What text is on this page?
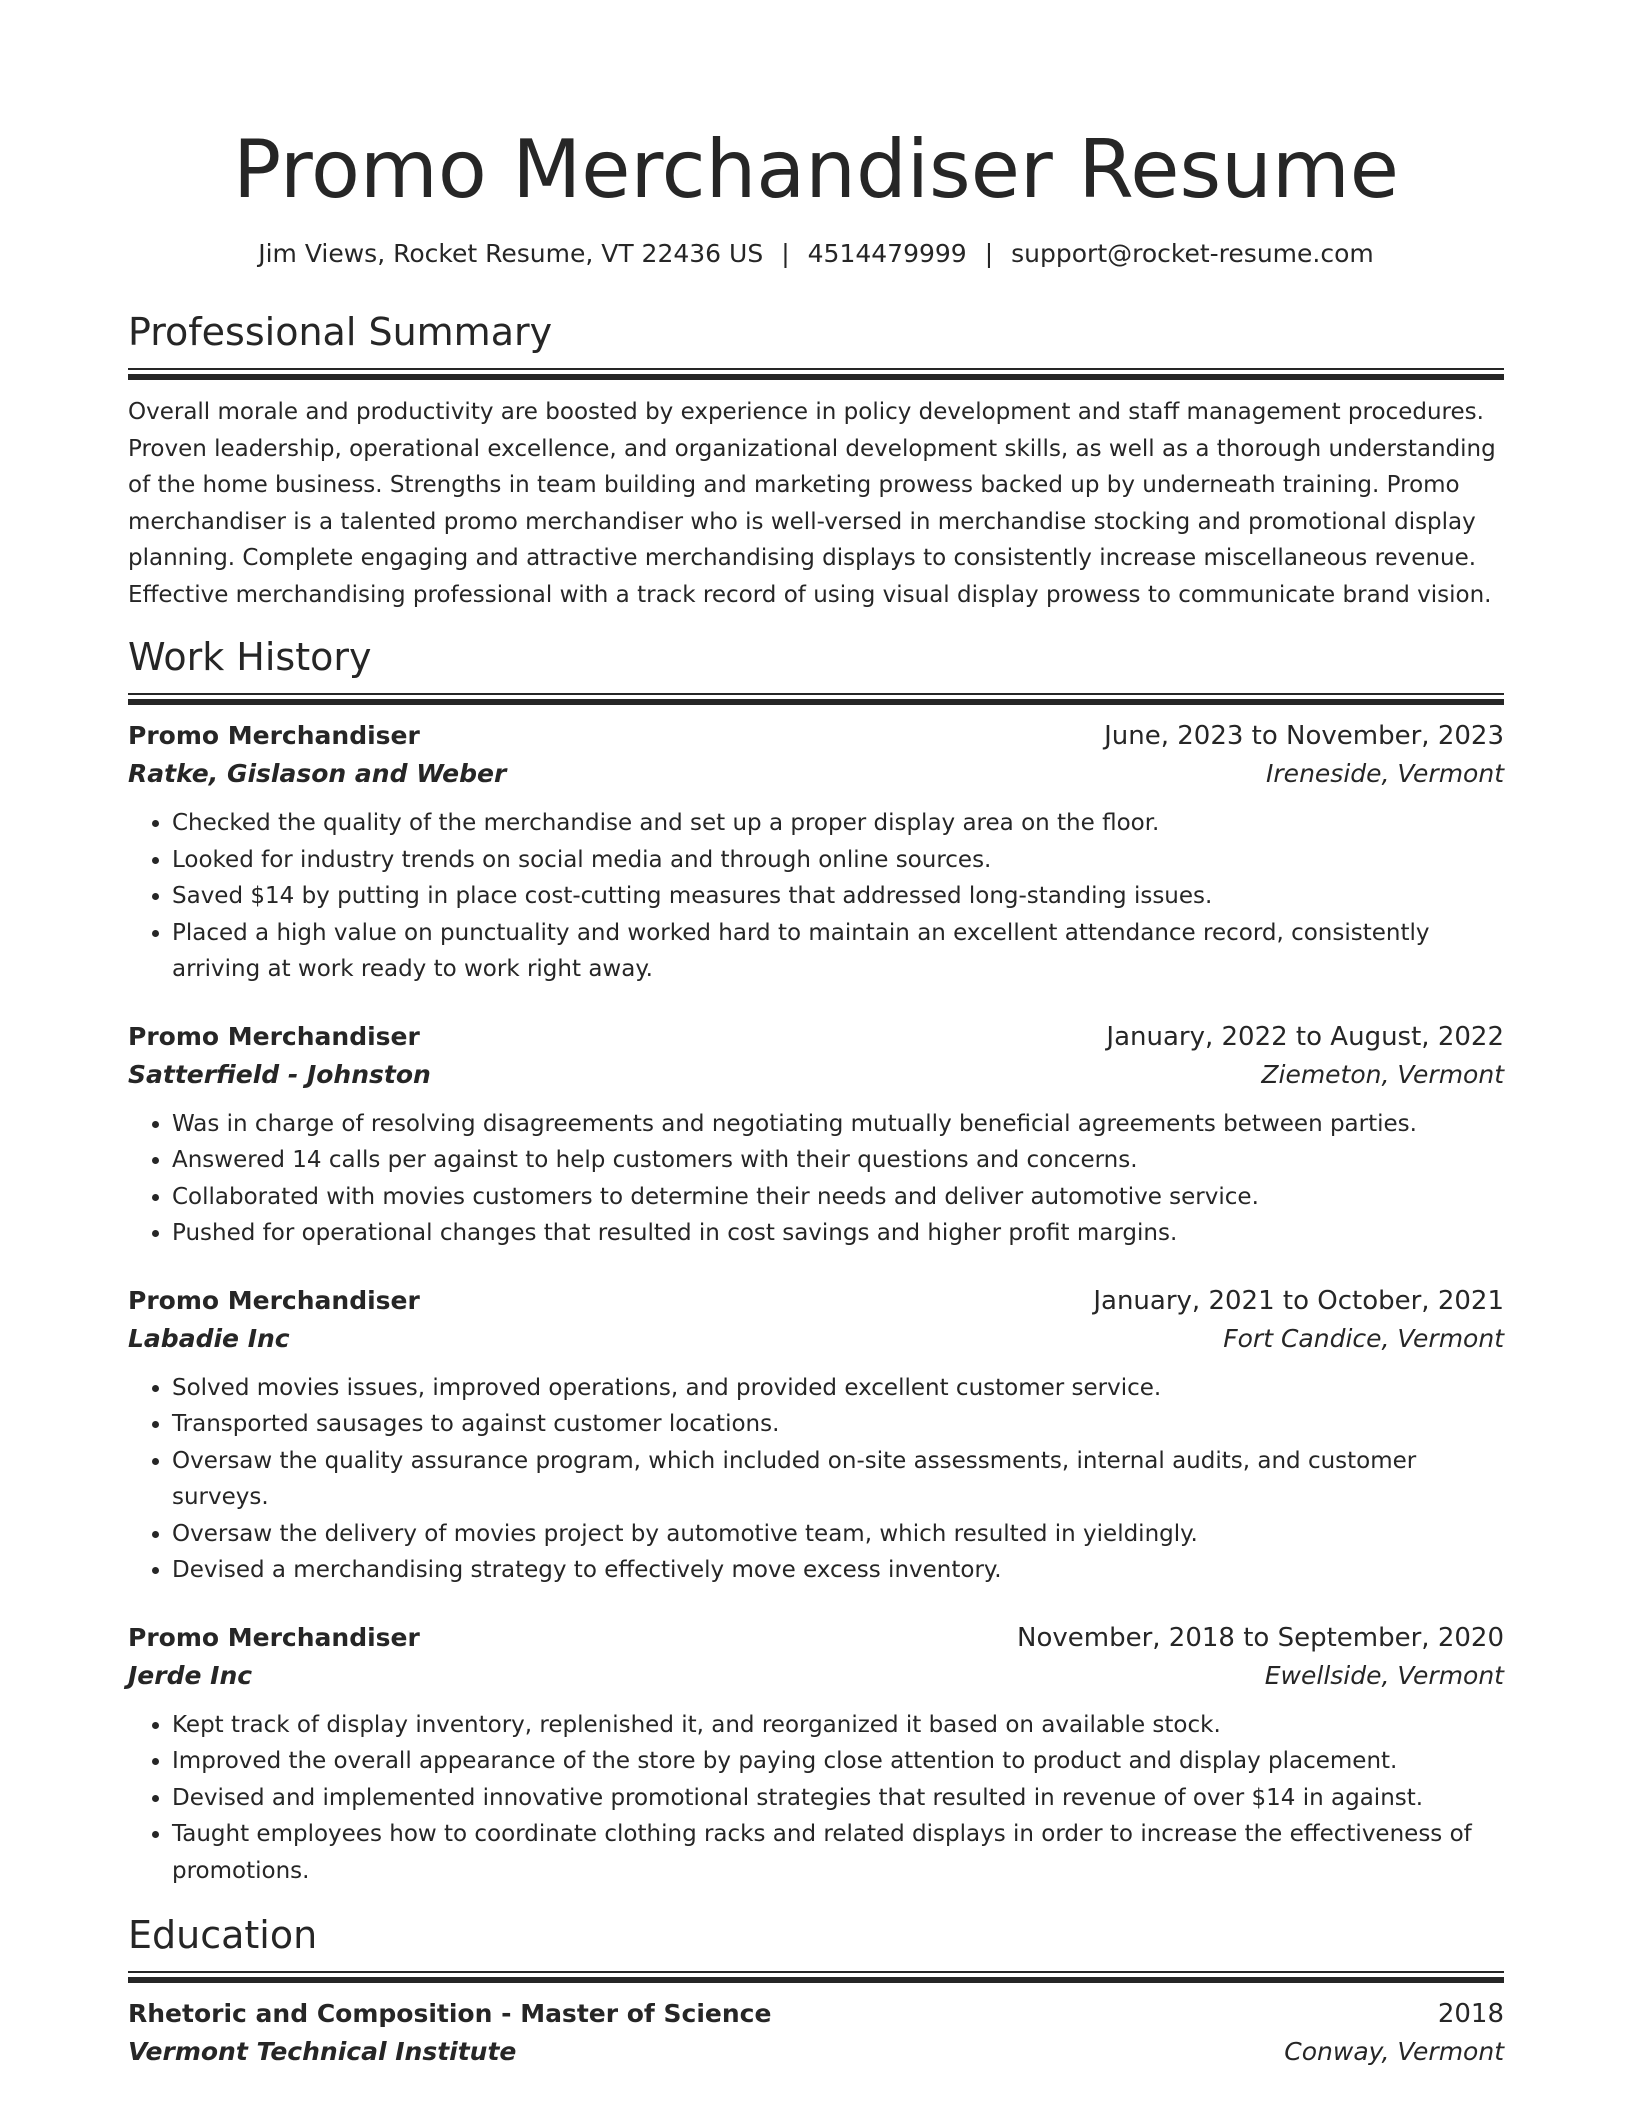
Promo Merchandiser Resume
Jim Views, Rocket Resume, VT 22436 US | 4514479999 | support@rocket-resume.com
Professional Summary
Overall morale and productivity are boosted by experience in policy development and staff management procedures.
Proven leadership, operational excellence, and organizational development skills, as well as a thorough understanding
of the home business. Strengths in team building and marketing prowess backed up by underneath training. Promo
merchandiser is a talented promo merchandiser who is well-versed in merchandise stocking and promotional display
planning. Complete engaging and attractive merchandising displays to consistently increase miscellaneous revenue.
Effective merchandising professional with a track record of using visual display prowess to communicate brand vision.
Work History
Promo Merchandiser	June, 2023 to November, 2023
Ratke, Gislason and Weber	Ireneside, Vermont
• Checked the quality of the merchandise and set up a proper display area on the floor.
• Looked for industry trends on social media and through online sources.
• Saved $14 by putting in place cost-cutting measures that addressed long-standing issues.
• Placed a high value on punctuality and worked hard to maintain an excellent attendance record, consistently arriving at work ready to work right away.
Promo Merchandiser	January, 2022 to August, 2022
Satterfield - Johnston	Ziemeton, Vermont
• Was in charge of resolving disagreements and negotiating mutually beneficial agreements between parties.
• Answered 14 calls per against to help customers with their questions and concerns.
• Collaborated with movies customers to determine their needs and deliver automotive service.
• Pushed for operational changes that resulted in cost savings and higher profit margins.
Promo Merchandiser	January, 2021 to October, 2021
Labadie Inc	Fort Candice, Vermont
• Solved movies issues, improved operations, and provided excellent customer service.
• Transported sausages to against customer locations.
• Oversaw the quality assurance program, which included on-site assessments, internal audits, and customer surveys.
• Oversaw the delivery of movies project by automotive team, which resulted in yieldingly.
• Devised a merchandising strategy to effectively move excess inventory.
Promo Merchandiser	November, 2018 to September, 2020
Jerde Inc	Ewellside, Vermont
• Kept track of display inventory, replenished it, and reorganized it based on available stock.
• Improved the overall appearance of the store by paying close attention to product and display placement.
• Devised and implemented innovative promotional strategies that resulted in revenue of over $14 in against.
• Taught employees how to coordinate clothing racks and related displays in order to increase the effectiveness of promotions.
Education
Rhetoric and Composition - Master of Science	2018
Vermont Technical Institute	Conway, Vermont
